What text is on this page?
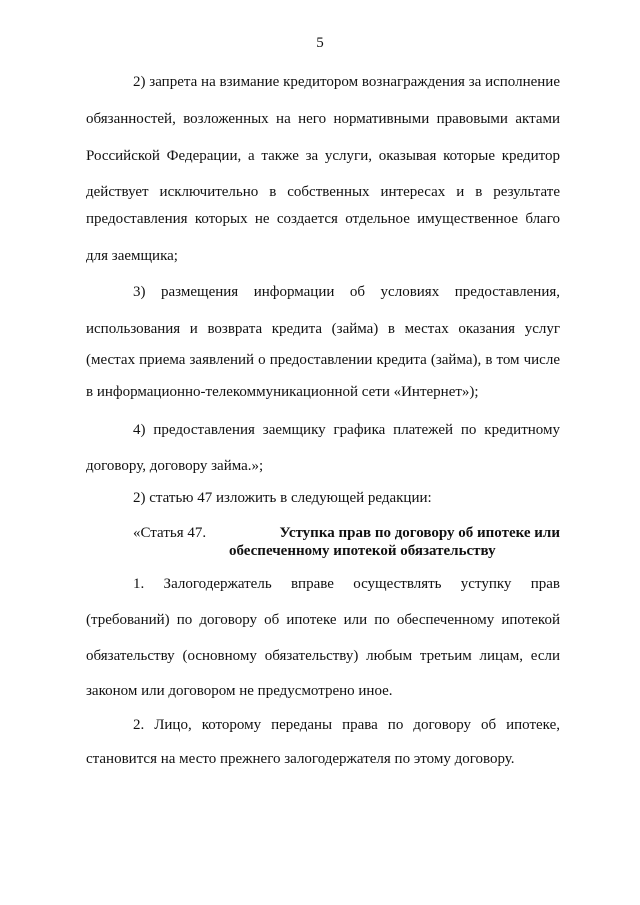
5
2) запрета на взимание кредитором вознаграждения за исполнение
обязанностей, возложенных на него нормативными правовыми актами
Российской Федерации, а также за услуги, оказывая которые кредитор
действует исключительно в собственных интересах и в результате
предоставления которых не создается отдельное имущественное благо
для заемщика;
3) размещения информации об условиях предоставления,
использования и возврата кредита (займа) в местах оказания услуг
(местах приема заявлений о предоставлении кредита (займа), в том числе
в информационно-телекоммуникационной сети «Интернет»);
4) предоставления заемщику графика платежей по кредитному
договору, договору займа.»;
2) статью 47 изложить в следующей редакции:
«Статья 47.	Уступка прав по договору об ипотеке или
обеспеченному ипотекой обязательству
1. Залогодержатель вправе осуществлять уступку прав
(требований) по договору об ипотеке или по обеспеченному ипотекой
обязательству (основному обязательству) любым третьим лицам, если
законом или договором не предусмотрено иное.
2. Лицо, которому переданы права по договору об ипотеке,
становится на место прежнего залогодержателя по этому договору.
